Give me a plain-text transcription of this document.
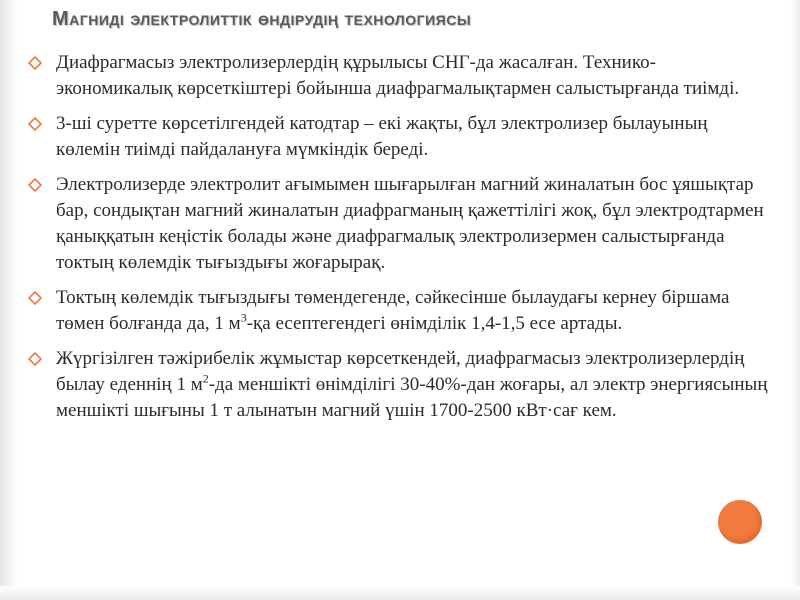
Магниді электролиттік өндірудің технологиясы
Диафрагмасыз электролизерлердің құрылысы СНГ-да жасалған. Технико-экономикалық көрсеткіштері бойынша диафрагмалықтармен салыстырғанда тиімді.
3-ші суретте көрсетілгендей катодтар – екі жақты, бұл электролизер былауының көлемін тиімді пайдалануға мүмкіндік береді.
Электролизерде электролит ағымымен шығарылған магний жиналатын бос ұяшықтар бар, сондықтан магний жиналатын диафрагманың қажеттілігі жоқ, бұл электродтармен қаныққатын кеңістік болады және диафрагмалық электролизермен салыстырғанда токтың көлемдік тығыздығы жоғарырақ.
Токтың көлемдік тығыздығы төмендегенде, сәйкесінше былаудағы кернеу біршама төмен болғанда да, 1 $м^3-қа$ есептегендегі өнімділік 1,4-1,5 есе артады.
Жүргізілген тәжірибелік жұмыстар көрсеткендей, диафрагмасыз электролизерлердің былау еденнің 1 $м^2-да$ меншікті өнімділігі 30-40%-дан жоғары, ал электр энергиясының меншікті шығыны 1 т алынатын магний үшін 1700-2500 кВт·сағ кем.
